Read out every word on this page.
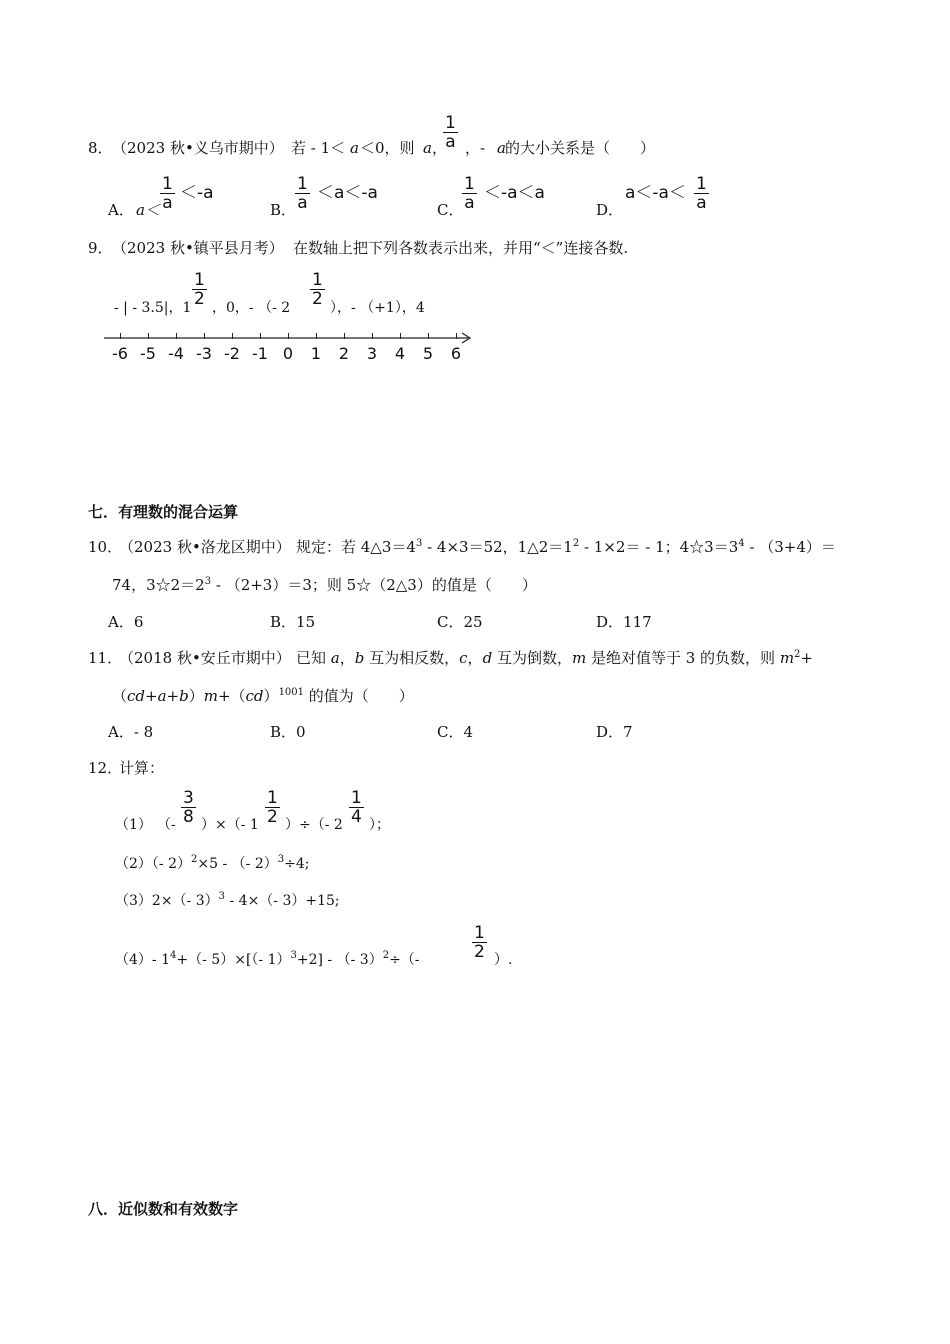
8． （2023 秋•义乌市期中） 若 - 1＜ a ＜0，则 a ，
$\frac{1}{a}$ ，- a 的大小关系是（　　）
A． $a< \frac{1}{a} <-a$
B．
$\frac{1}{a} <a<-a$
C．
$\frac{1}{a} <-a<a$
D．
$a<-a< \frac{1}{a}$
9． （2023 秋•镇平县月考） 在数轴上把下列各数表示出来，并用“＜”连接各数.
- | - 3.5|，$1 \frac{1}{2}$ ，0，- （- $2 \frac{1}{2}$ ），- （+1），4
-6 -5 -4 -3 -2 -1 0 1 2 3 4 5 6
七．有理数的混合运算
10．
（2023 秋•洛龙区期中） 规定：若 $4\triangle 3=4^3 - 4\times 3=52$，$1\triangle 2=1^2 - 1\times 2= - 1$；$4☆3=3^4 - (3+4)=$
74，$3☆2=2^3 - (2+3)=3$；则 5☆（2△3）的值是（　　）
A．6	B．15	C．25	D．117
11．
（2018 秋•安丘市期中） 已知 a，b 互为相反数，c，d 互为倒数，m 是绝对值等于 3 的负数，则 $m^2+$
（cd+a+b）m+（cd）$^{1001}$ 的值为（　　）
A．- 8	B．0	C．4	D．7
12．
计算：
（1） （- $\frac{3}{8}$ ）×（- $1 \frac{1}{2}$ ）÷（- $2 \frac{1}{4}$ ）；
（2）（- 2）$^2$×5 - （- 2）$^3$÷4;
（3）2×（- 3）$^3$ - 4×（- 3）+15;
（4）- $1^4+(-$ 5）×[（- 1）$^3$+2] - （- 3）$^2$÷（-	$\frac{1}{2}$ ）.
八．近似数和有效数字
